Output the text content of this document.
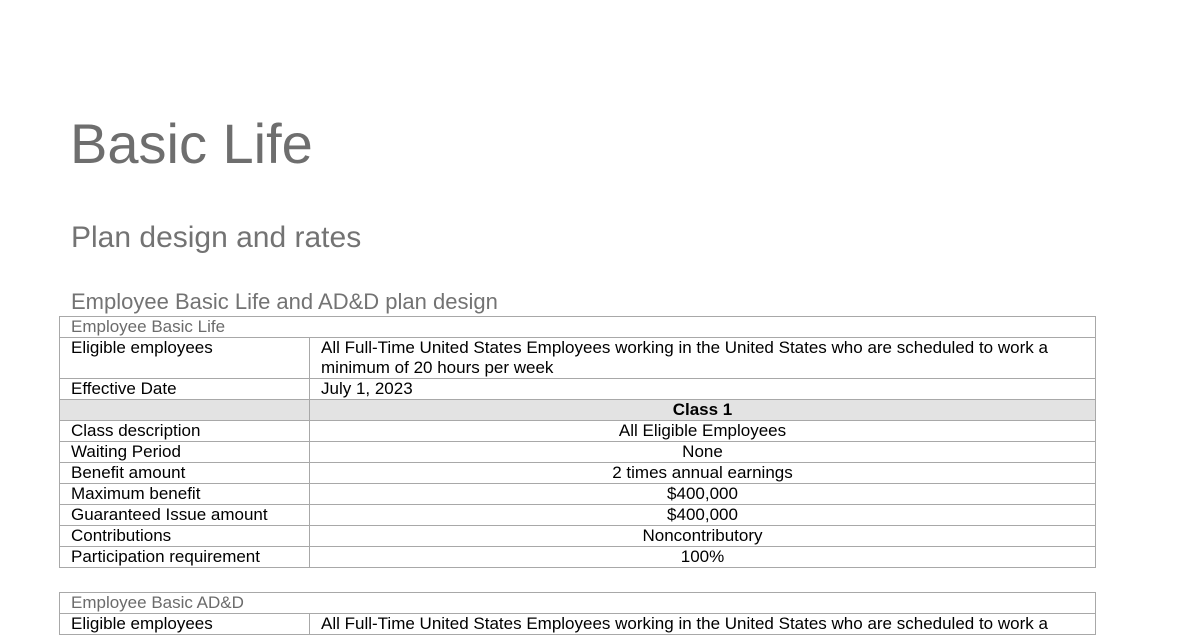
Basic Life
Plan design and rates
Employee Basic Life and AD&D plan design
Employee Basic Life	
Eligible employees	All Full-Time United States Employees working in the United States who are scheduled to work a minimum of 20 hours per week
Effective Date	July 1, 2023
	Class 1
Class description	All Eligible Employees
Waiting Period	None
Benefit amount	2 times annual earnings
Maximum benefit	$400,000
Guaranteed Issue amount	$400,000
Contributions	Noncontributory
Participation requirement	100%
Employee Basic AD&D
Eligible employees	All Full-Time United States Employees working in the United States who are scheduled to work a
